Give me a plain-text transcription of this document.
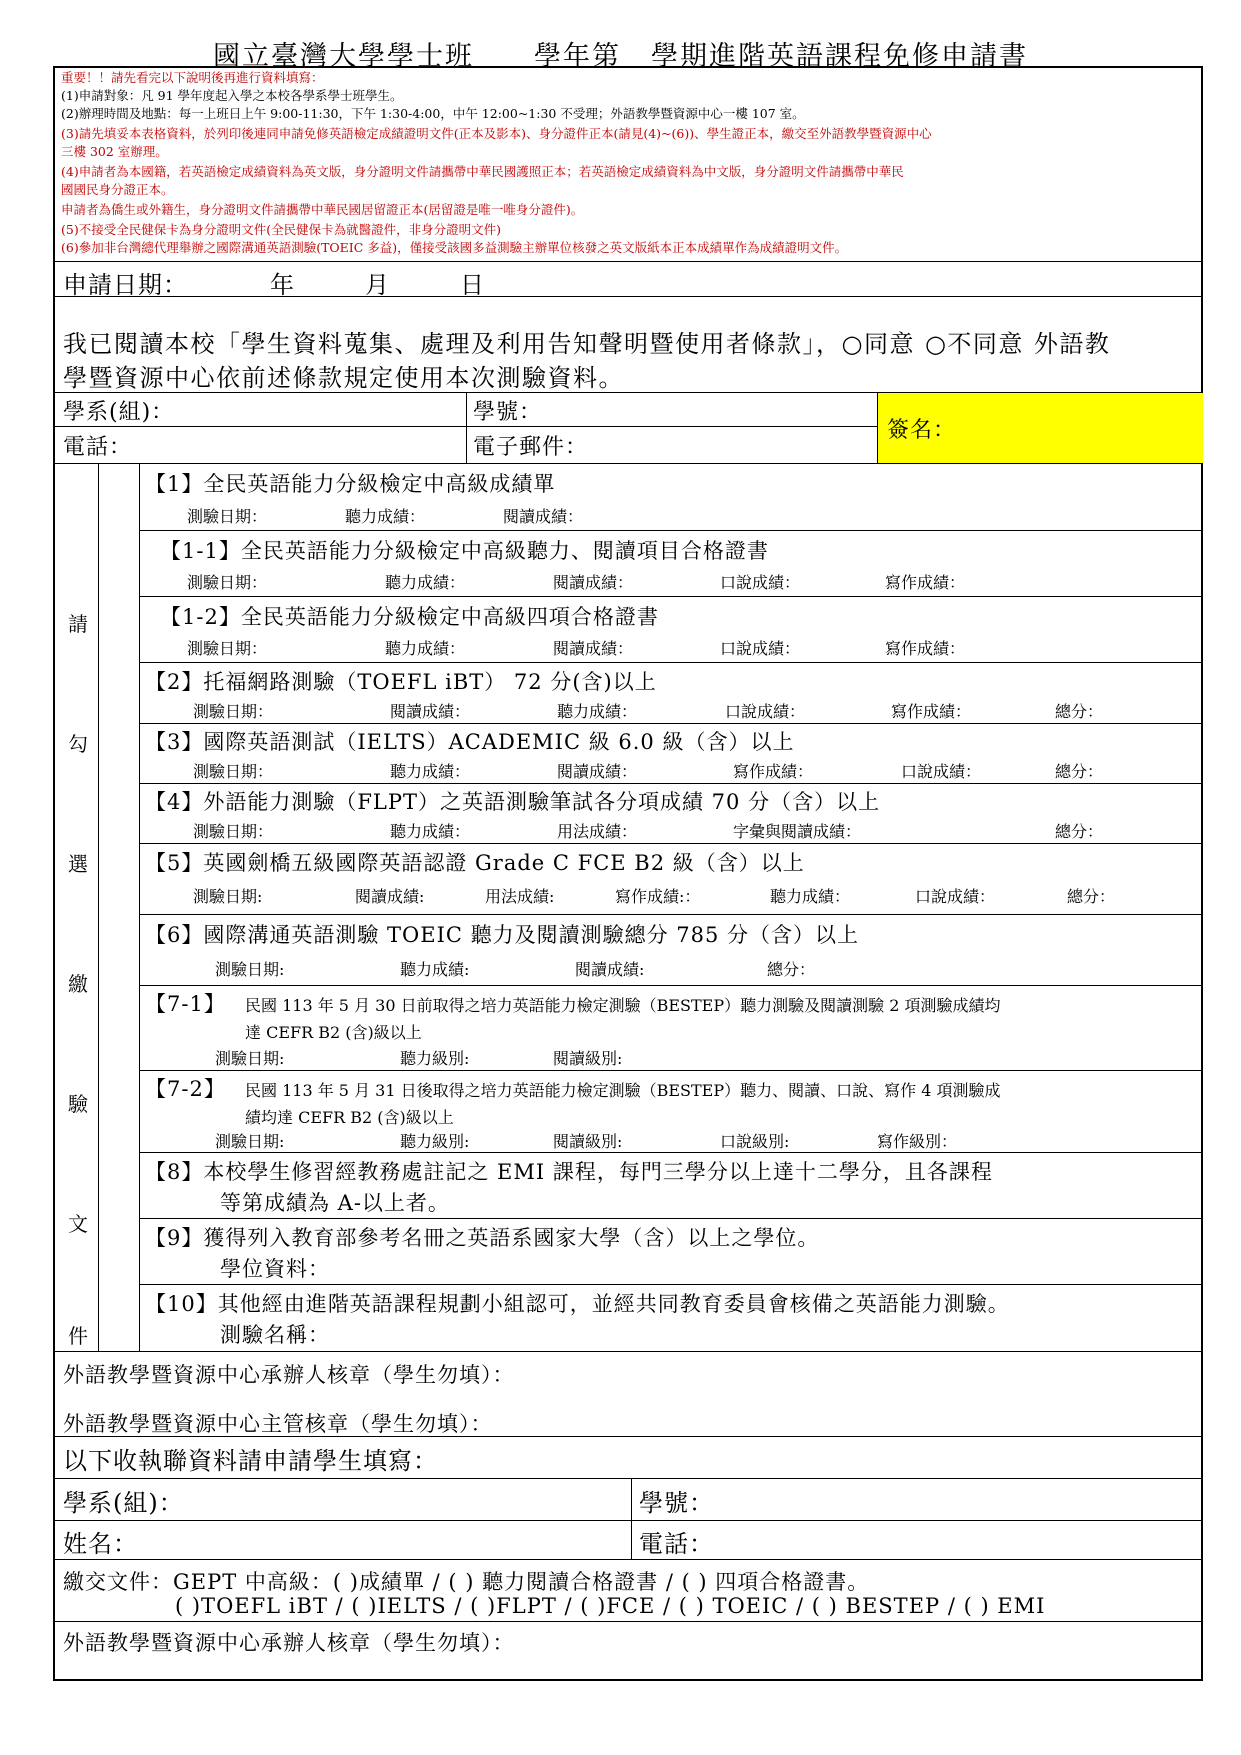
國立臺灣大學學士班 學年第 學期進階英語課程免修申請書
重要！！請先看完以下說明後再進行資料填寫：
(1)申請對象：凡 91 學年度起入學之本校各學系學士班學生。
(2)辦理時間及地點：每一上班日上午 9:00-11:30，下午 1:30-4:00，中午 12:00~1:30 不受理；外語教學暨資源中心一樓 107 室。
(3)請先填妥本表格資料，於列印後連同申請免修英語檢定成績證明文件(正本及影本)、身分證件正本(請見(4)~(6))、學生證正本，繳交至外語教學暨資源中心
三樓 302 室辦理。
(4)申請者為本國籍，若英語檢定成績資料為英文版，身分證明文件請攜帶中華民國護照正本；若英語檢定成績資料為中文版，身分證明文件請攜帶中華民
國國民身分證正本。
申請者為僑生或外籍生，身分證明文件請攜帶中華民國居留證正本(居留證是唯一唯身分證件)。
(5)不接受全民健保卡為身分證明文件(全民健保卡為就醫證件，非身分證明文件)
(6)參加非台灣總代理舉辦之國際溝通英語測驗(TOEIC 多益)，僅接受該國多益測驗主辦單位核發之英文版紙本正本成績單作為成績證明文件。
申請日期：	年	月	日
我已閱讀本校「學生資料蒐集、處理及利用告知聲明暨使用者條款」，○同意 ○不同意 外語教
學暨資源中心依前述條款規定使用本次測驗資料。
學系(組)：	學號：
電話：	電子郵件：
簽名：
請
勾
選
繳
驗
文
件
【1】全民英語能力分級檢定中高級成績單
測驗日期：	聽力成績：	閱讀成績：
【1-1】全民英語能力分級檢定中高級聽力、閱讀項目合格證書
測驗日期：	聽力成績：	閱讀成績：	口說成績：	寫作成績：
【1-2】全民英語能力分級檢定中高級四項合格證書
測驗日期：	聽力成績：	閱讀成績：	口說成績：	寫作成績：
【2】托福網路測驗（TOEFL iBT） 72 分(含)以上
測驗日期：	閱讀成績：	聽力成績：	口說成績：	寫作成績：	總分：
【3】國際英語測試（IELTS）ACADEMIC 級 6.0 級（含）以上
測驗日期：	聽力成績：	閱讀成績：	寫作成績：	口說成績：	總分：
【4】外語能力測驗（FLPT）之英語測驗筆試各分項成績 70 分（含）以上
測驗日期：	聽力成績：	用法成績：	字彙與閱讀成績：	總分：
【5】英國劍橋五級國際英語認證 Grade C FCE B2 級（含）以上
測驗日期:	閱讀成績:	用法成績:	寫作成績:：	聽力成績：	口說成績：	總分：
【6】國際溝通英語測驗 TOEIC 聽力及閱讀測驗總分 785 分（含）以上
測驗日期:	聽力成績:	閱讀成績:	總分：
【7-1】 民國 113 年 5 月 30 日前取得之培力英語能力檢定測驗（BESTEP）聽力測驗及閱讀測驗 2 項測驗成績均
達 CEFR B2 (含)級以上
測驗日期:	聽力級別:	閱讀級別:
【7-2】 民國 113 年 5 月 31 日後取得之培力英語能力檢定測驗（BESTEP）聽力、閱讀、口說、寫作 4 項測驗成
績均達 CEFR B2 (含)級以上
測驗日期:	聽力級別:	閱讀級別:	口說級別:	寫作級別：
【8】本校學生修習經教務處註記之 EMI 課程，每門三學分以上達十二學分，且各課程
等第成績為 A-以上者。
【9】獲得列入教育部參考名冊之英語系國家大學（含）以上之學位。
學位資料：
【10】其他經由進階英語課程規劃小組認可，並經共同教育委員會核備之英語能力測驗。
測驗名稱：
外語教學暨資源中心承辦人核章（學生勿填）：
外語教學暨資源中心主管核章（學生勿填）：
以下收執聯資料請申請學生填寫：
學系(組)：	學號：
姓名：	電話：
繳交文件：GEPT 中高級：( )成績單 / ( ) 聽力閱讀合格證書 / ( ) 四項合格證書。
( )TOEFL iBT / ( )IELTS / ( )FLPT / ( )FCE / ( ) TOEIC / ( ) BESTEP / ( ) EMI
外語教學暨資源中心承辦人核章（學生勿填）：
